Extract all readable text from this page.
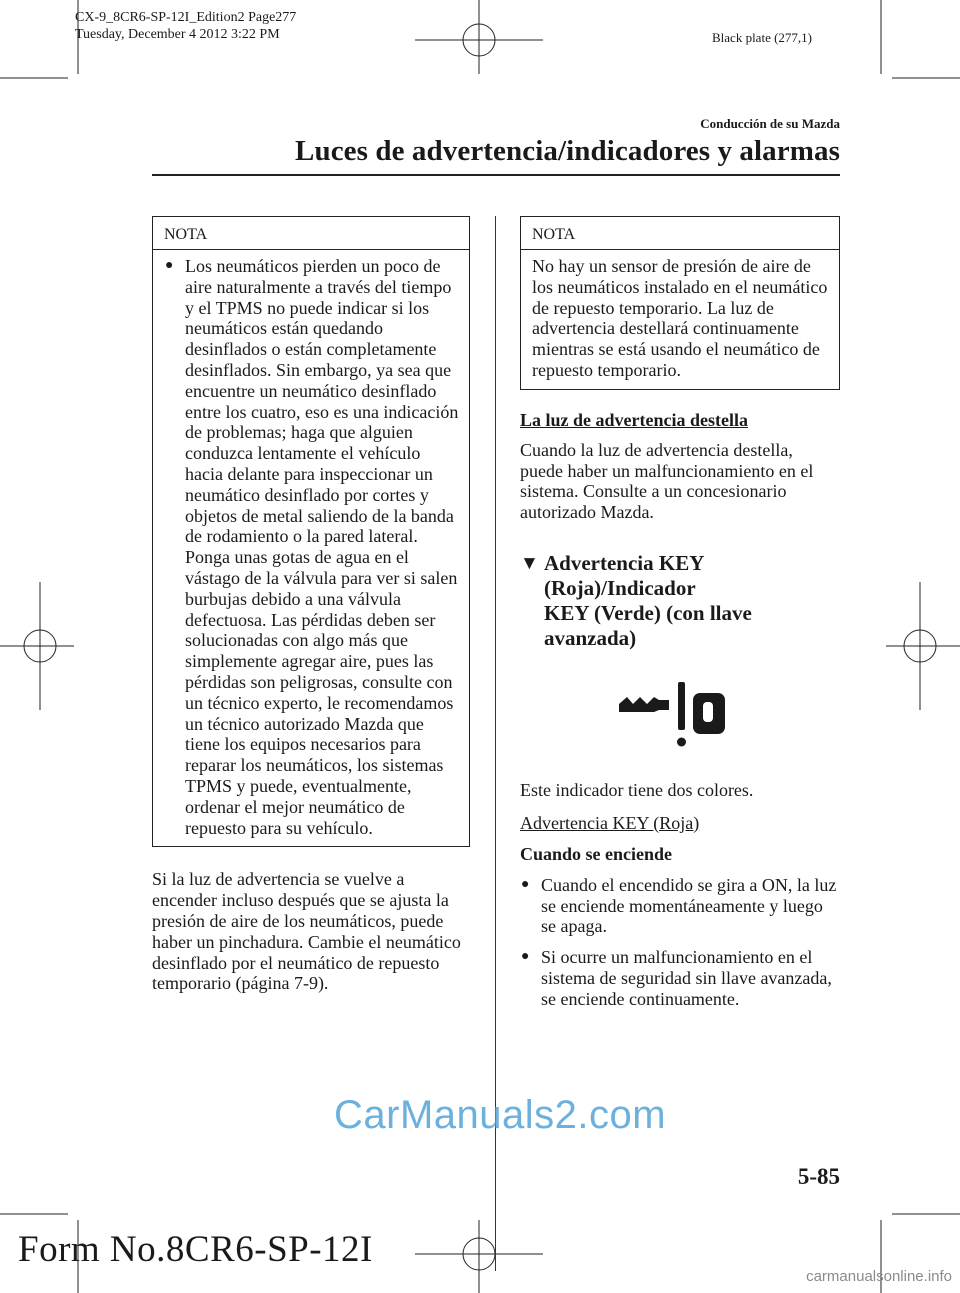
CX-9_8CR6-SP-12I_Edition2 Page277
Tuesday, December 4 2012 3:22 PM	Black plate (277,1)
Conducción de su Mazda
Luces de advertencia/indicadores y alarmas
NOTA
● Los neumáticos pierden un poco de aire naturalmente a través del tiempo y el TPMS no puede indicar si los neumáticos están quedando desinflados o están completamente desinflados. Sin embargo, ya sea que encuentre un neumático desinflado entre los cuatro, eso es una indicación de problemas; haga que alguien conduzca lentamente el vehículo hacia delante para inspeccionar un neumático desinflado por cortes y objetos de metal saliendo de la banda de rodamiento o la pared lateral. Ponga unas gotas de agua en el vástago de la válvula para ver si salen burbujas debido a una válvula defectuosa. Las pérdidas deben ser solucionadas con algo más que simplemente agregar aire, pues las pérdidas son peligrosas, consulte con un técnico experto, le recomendamos un técnico autorizado Mazda que tiene los equipos necesarios para reparar los neumáticos, los sistemas TPMS y puede, eventualmente, ordenar el mejor neumático de repuesto para su vehículo.
Si la luz de advertencia se vuelve a encender incluso después que se ajusta la presión de aire de los neumáticos, puede haber un pinchadura. Cambie el neumático desinflado por el neumático de repuesto temporario (página 7-9).
NOTA
No hay un sensor de presión de aire de los neumáticos instalado en el neumático de repuesto temporario. La luz de advertencia destellará continuamente mientras se está usando el neumático de repuesto temporario.
La luz de advertencia destella
Cuando la luz de advertencia destella, puede haber un malfuncionamiento en el sistema. Consulte a un concesionario autorizado Mazda.
▼ Advertencia KEY (Roja)/Indicador
KEY (Verde) (con llave avanzada)
Este indicador tiene dos colores.
Advertencia KEY (Roja)
Cuando se enciende
● Cuando el encendido se gira a ON, la luz se enciende momentáneamente y luego se apaga.
● Si ocurre un malfuncionamiento en el sistema de seguridad sin llave avanzada, se enciende continuamente.
CarManuals2.com
5-85
Form No.8CR6-SP-12I
carmanualsonline.info
